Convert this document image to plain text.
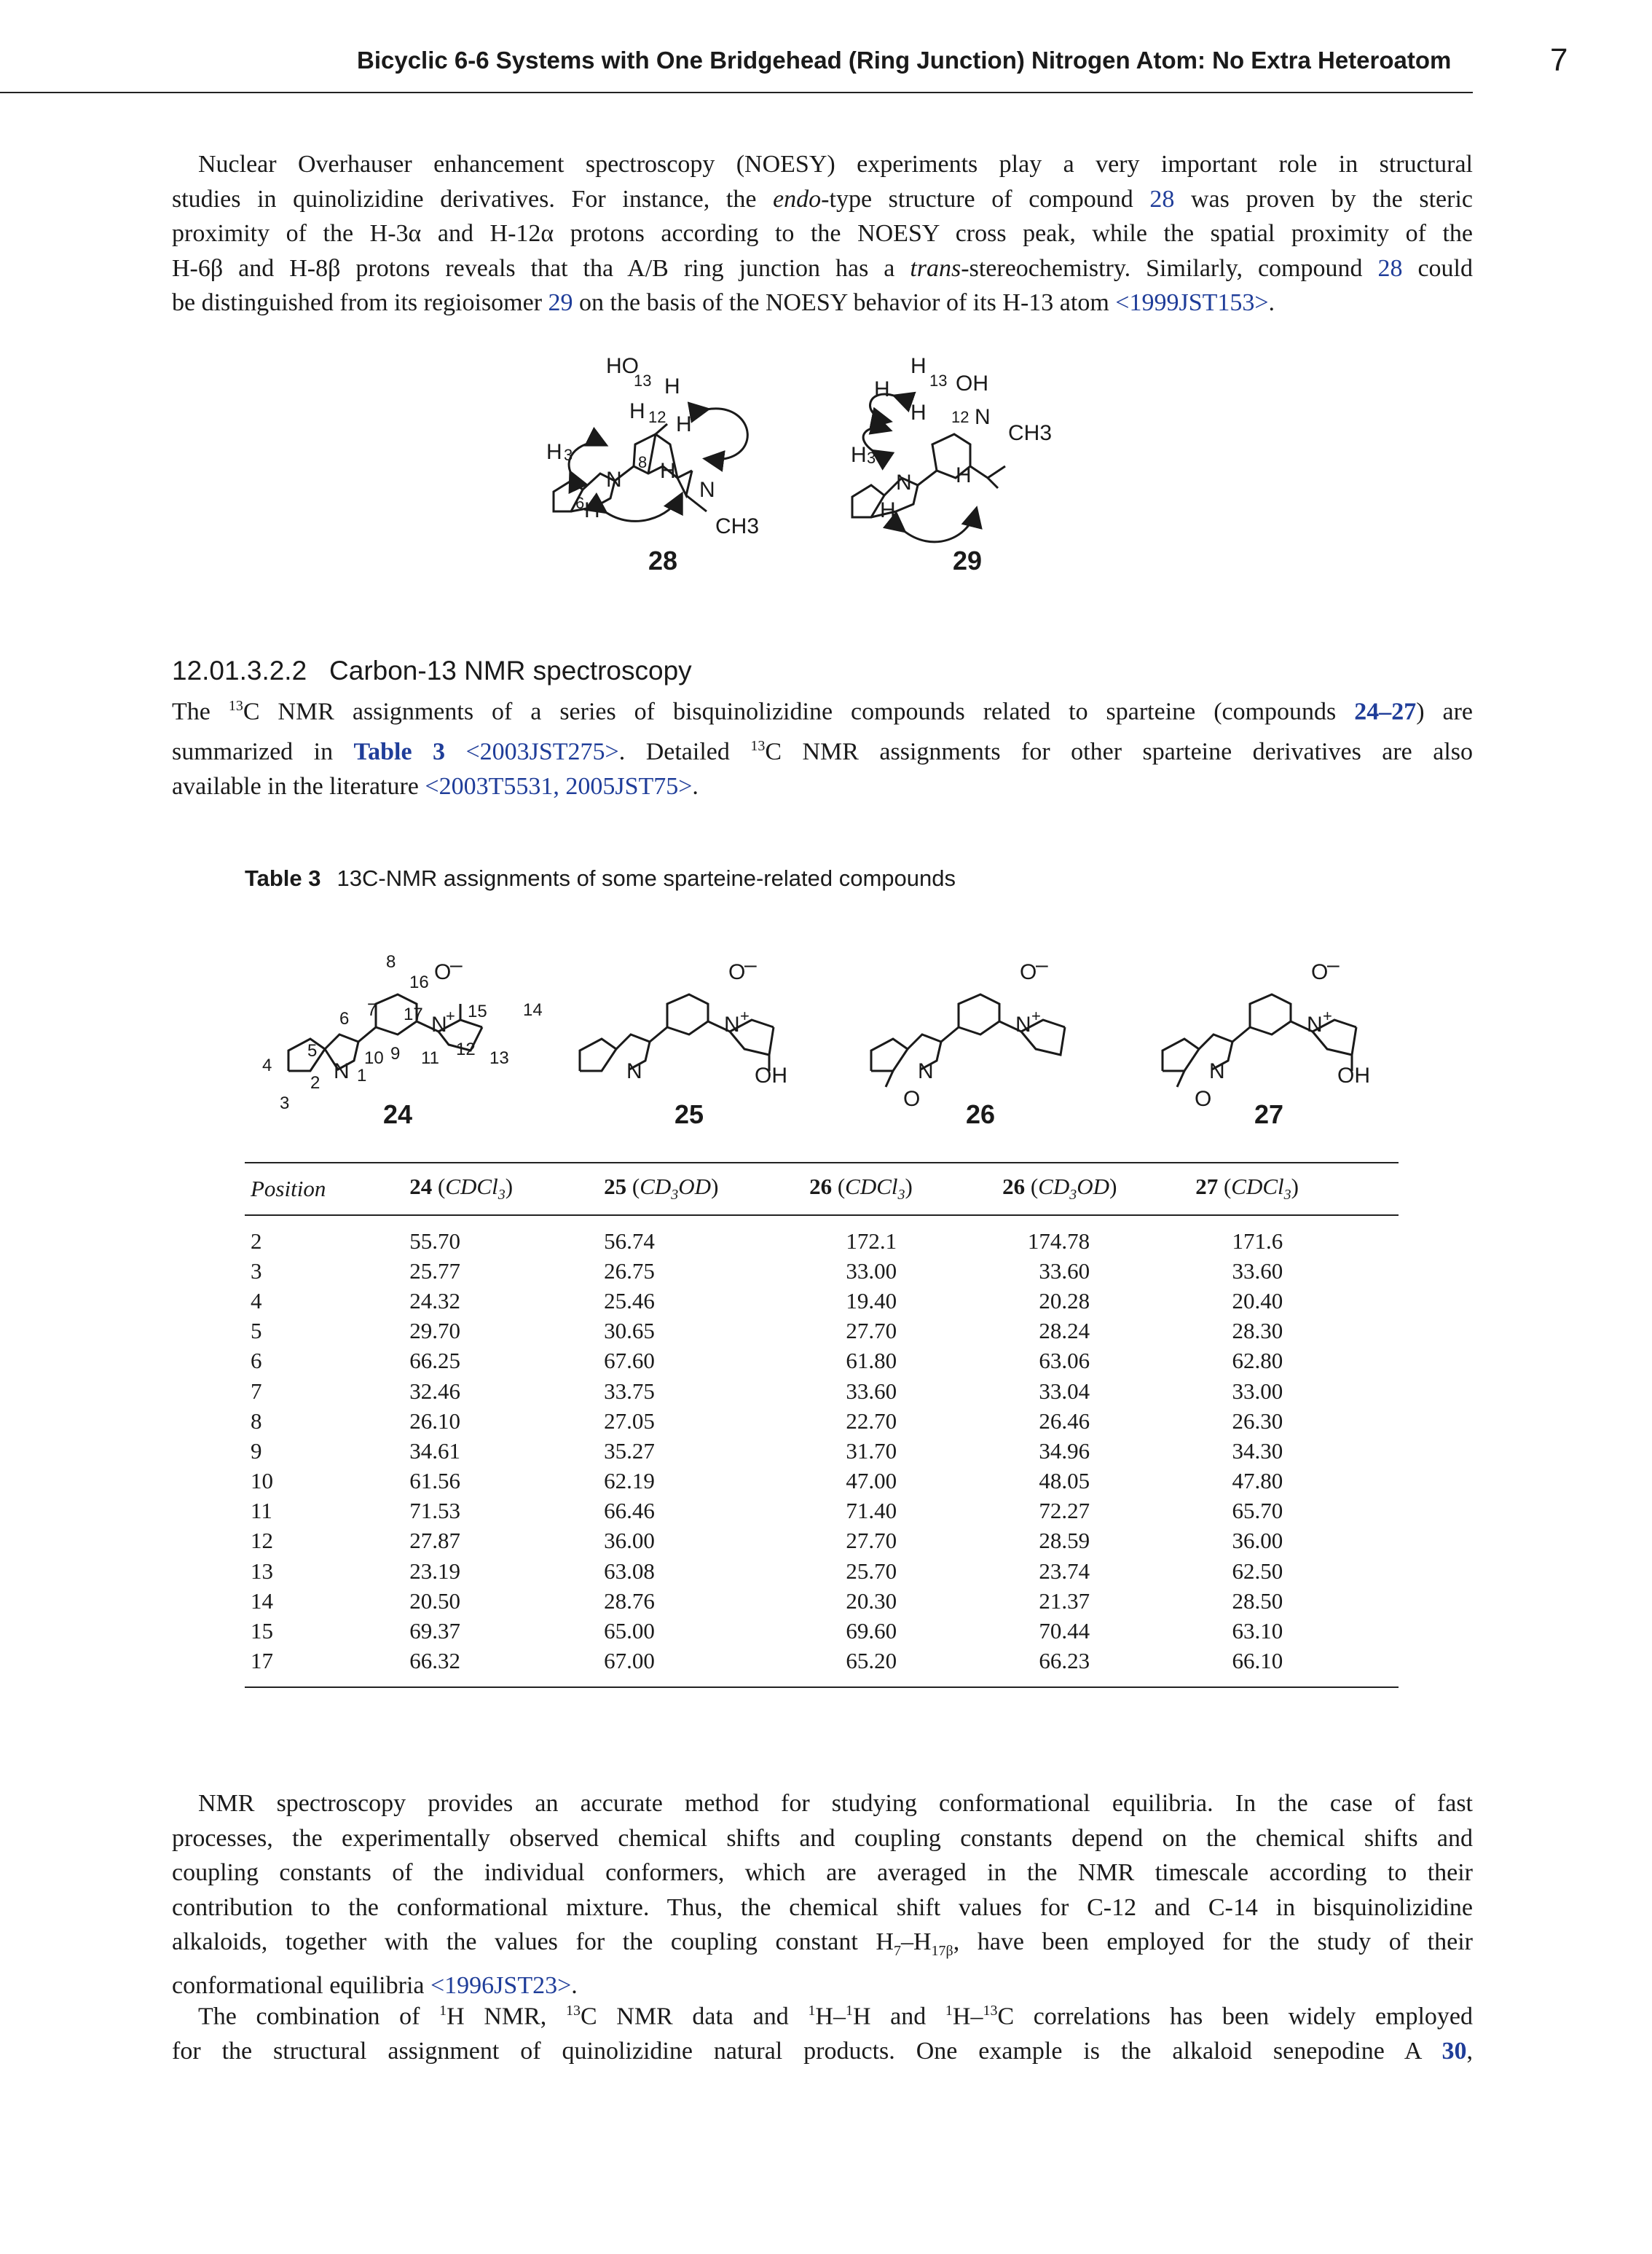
Bicyclic 6-6 Systems with One Bridgehead (Ring Junction) Nitrogen Atom: No Extra Heteroatom	7
Nuclear Overhauser enhancement spectroscopy (NOESY) experiments play a very important role in structural
studies in quinolizidine derivatives. For instance, the endo-type structure of compound 28 was proven by the steric
proximity of the H-3α and H-12α protons according to the NOESY cross peak, while the spatial proximity of the
H-6β and H-8β protons reveals that tha A/B ring junction has a trans-stereochemistry. Similarly, compound 28 could
be distinguished from its regioisomer 29 on the basis of the NOESY behavior of its H-13 atom <1999JST153>.
HO
13 H
H 12 H
H 3	8 H
N	N
6 H
CH3
H
13 OH
H
H 12 N
CH3
H 3
N H
H
28	29
12.01.3.2.2 Carbon-13 NMR spectroscopy
The $^{13}$C NMR assignments of a series of bisquinolizidine compounds related to sparteine (compounds 24–27) are
summarized in Table 3 <2003JST275>. Detailed $^{13}$C NMR assignments for other sparteine derivatives are also
available in the literature <2003T5531, 2005JST75>.
Table 3 13C-NMR assignments of some sparteine-related compounds
8
16
17	15 14
7
6
5	10 9 11 12 13
4
2 1
3
N
N
+
O
–
24
N
N +
O
–
OH
25
N
N +
O
–
O
26
N
N +
O
–
O
OH
27
Position	24 (CDCl$_3$)	25 $(CD_3OD)$	26 (CDCl$_3$)	26 $(CD_3OD)$	27 (CDCl$_3$)
2	55.70	56.74	172.1	174.78	171.6
3	25.77	26.75	33.00	33.60	33.60
4	24.32	25.46	19.40	20.28	20.40
5	29.70	30.65	27.70	28.24	28.30
6	66.25	67.60	61.80	63.06	62.80
7	32.46	33.75	33.60	33.04	33.00
8	26.10	27.05	22.70	26.46	26.30
9	34.61	35.27	31.70	34.96	34.30
10	61.56	62.19	47.00	48.05	47.80
11	71.53	66.46	71.40	72.27	65.70
12	27.87	36.00	27.70	28.59	36.00
13	23.19	63.08	25.70	23.74	62.50
14	20.50	28.76	20.30	21.37	28.50
15	69.37	65.00	69.60	70.44	63.10
17	66.32	67.00	65.20	66.23	66.10
NMR spectroscopy provides an accurate method for studying conformational equilibria. In the case of fast
processes, the experimentally observed chemical shifts and coupling constants depend on the chemical shifts and
coupling constants of the individual conformers, which are averaged in the NMR timescale according to their
contribution to the conformational mixture. Thus, the chemical shift values for C-12 and C-14 in bisquinolizidine
alkaloids, together with the values for the coupling constant $H_7-H_{17\beta}$, have been employed for the study of their
conformational equilibria <1996JST23>.
The combination of $^1$H NMR, $^{13}$C NMR data and $^1$H–$^1$H and $^1$H–$^{13}$C correlations has been widely employed
for the structural assignment of quinolizidine natural products. One example is the alkaloid senepodine A 30,
